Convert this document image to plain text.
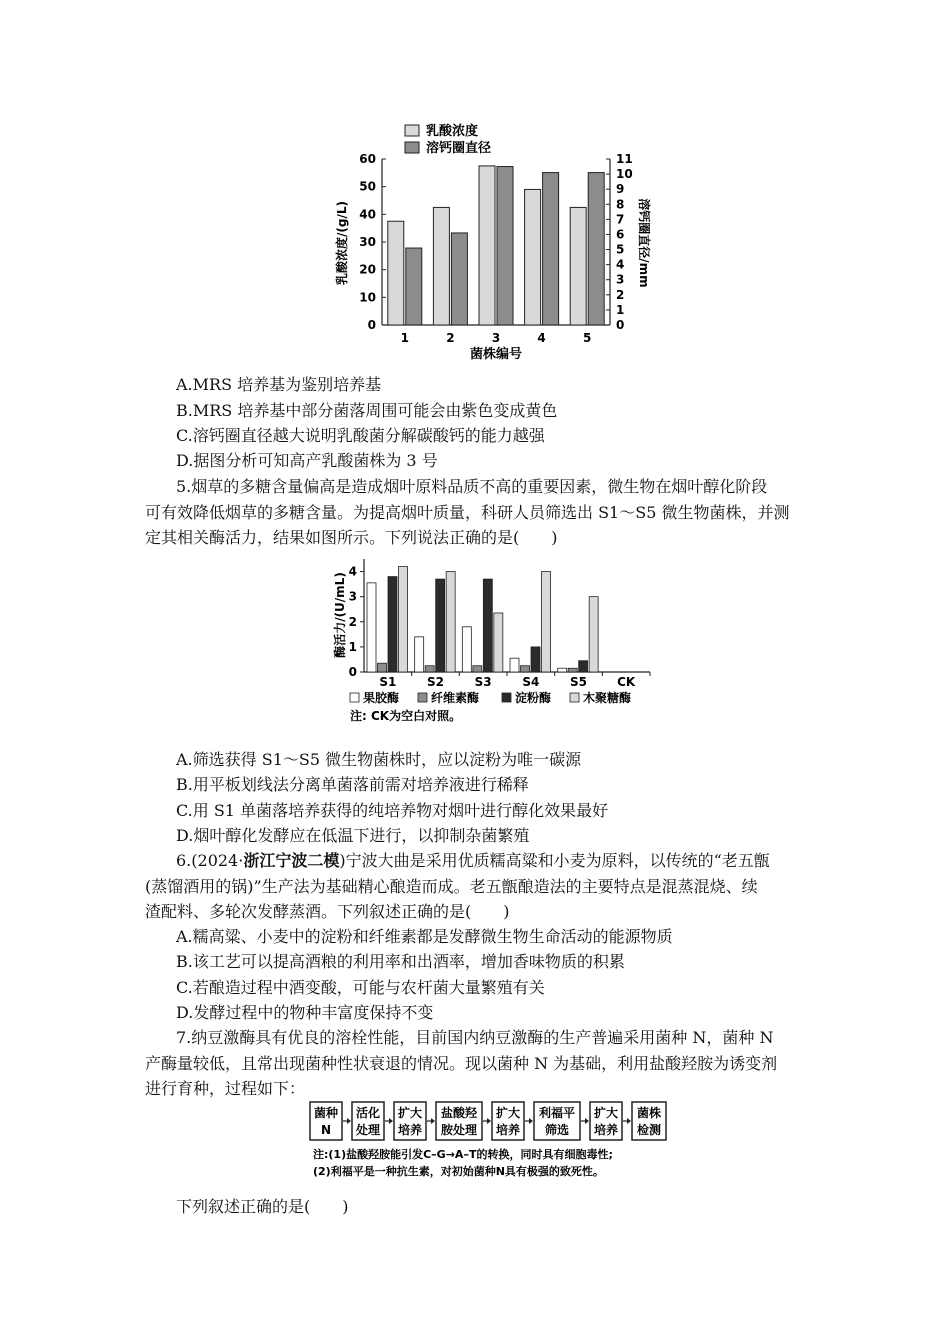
乳酸浓度
溶钙圈直径
0
10
20
30
40
50
60
0
1
2
3
4
5
6
7
8
9
10
11
1	2	3	4	5
菌株编号
乳酸浓度/(g/L)	溶钙圈直径/mm
A.MRS 培养基为鉴别培养基
B.MRS 培养基中部分菌落周围可能会由紫色变成黄色
C.溶钙圈直径越大说明乳酸菌分解碳酸钙的能力越强
D.据图分析可知高产乳酸菌株为 3 号
5.烟草的多糖含量偏高是造成烟叶原料品质不高的重要因素，微生物在烟叶醇化阶段
可有效降低烟草的多糖含量。为提高烟叶质量，科研人员筛选出 S1～S5 微生物菌株，并测
定其相关酶活力，结果如图所示。下列说法正确的是(　　)
0
1
2
3
4
S1	S2	S3	S4	S5	CK
酶活力/(U/mL)
果胶酶	纤维素酶	淀粉酶	木聚糖酶
注: CK为空白对照。
A.筛选获得 S1～S5 微生物菌株时，应以淀粉为唯一碳源
B.用平板划线法分离单菌落前需对培养液进行稀释
C.用 S1 单菌落培养获得的纯培养物对烟叶进行醇化效果最好
D.烟叶醇化发酵应在低温下进行，以抑制杂菌繁殖
6.(2024·浙江宁波二模)宁波大曲是采用优质糯高粱和小麦为原料，以传统的“老五甑
(蒸馏酒用的锅)”生产法为基础精心酿造而成。老五甑酿造法的主要特点是混蒸混烧、续
渣配料、多轮次发酵蒸酒。下列叙述正确的是(　　)
A.糯高粱、小麦中的淀粉和纤维素都是发酵微生物生命活动的能源物质
B.该工艺可以提高酒粮的利用率和出酒率，增加香味物质的积累
C.若酿造过程中酒变酸，可能与农杆菌大量繁殖有关
D.发酵过程中的物种丰富度保持不变
7.纳豆激酶具有优良的溶栓性能，目前国内纳豆激酶的生产普遍采用菌种 N，菌种 N
产酶量较低，且常出现菌种性状衰退的情况。现以菌种 N 为基础，利用盐酸羟胺为诱变剂
进行育种，过程如下：
菌种
N
活化
处理
扩大
培养
盐酸羟
胺处理
扩大
培养
利福平
筛选
扩大
培养
菌株
检测
注:(1)盐酸羟胺能引发C–G→A–T的转换，同时具有细胞毒性;
(2)利福平是一种抗生素，对初始菌种N具有极强的致死性。
下列叙述正确的是(　　)
